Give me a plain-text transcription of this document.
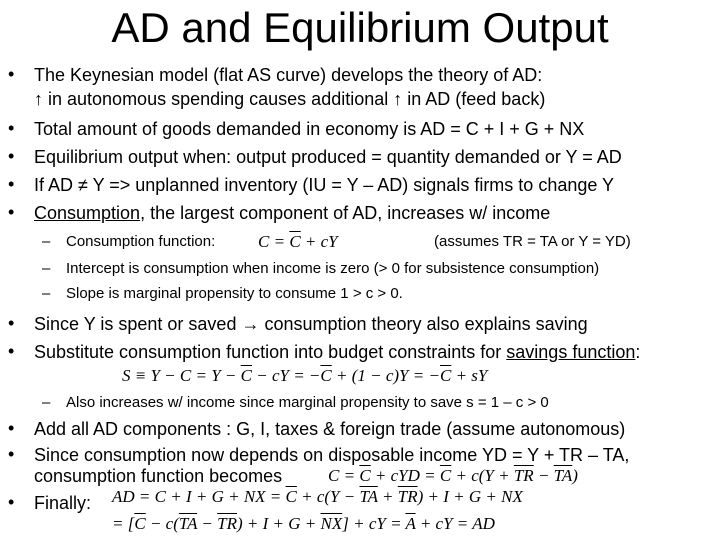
AD and Equilibrium Output
• The Keynesian model (flat AS curve) develops the theory of AD:
↑ in autonomous spending causes additional ↑ in AD (feed back)
• Total amount of goods demanded in economy is AD = C + I + G + NX
• Equilibrium output when: output produced = quantity demanded or Y = AD
• If AD ≠ Y => unplanned inventory (IU = Y – AD) signals firms to change Y
• Consumption, the largest component of AD, increases w/ income
– Consumption function:	$C = \overline{C}$ + cY	(assumes TR = TA or Y = YD)
– Intercept is consumption when income is zero (> 0 for subsistence consumption)
– Slope is marginal propensity to consume 1 > c > 0.
• Since Y is spent or saved → consumption theory also explains saving
• Substitute consumption function into budget constraints for savings function:
$S \equiv Y - C = Y - \overline{C}$ − cY = $-\overline{C} + (1 - c)Y = -\overline{C}$ + sY
– Also increases w/ income since marginal propensity to save s = 1 – c > 0
• Add all AD components : G, I, taxes & foreign trade (assume autonomous)
• Since consumption now depends on disposable income YD = Y + TR – TA,
consumption function becomes	$C = \overline{C}$ + cYD = $\overline{C} + c(Y + \overline{TR} - \overline{TA})$
• Finally: AD = C + I + G + NX = $\overline{C} + c(Y - \overline{TA} + \overline{TR}) + I + G$ + NX
= $[\overline{C} - c(\overline{TA} - \overline{TR}) + I + G + \overline{NX}]$ + cY = $\overline{A}$ + cY = AD
